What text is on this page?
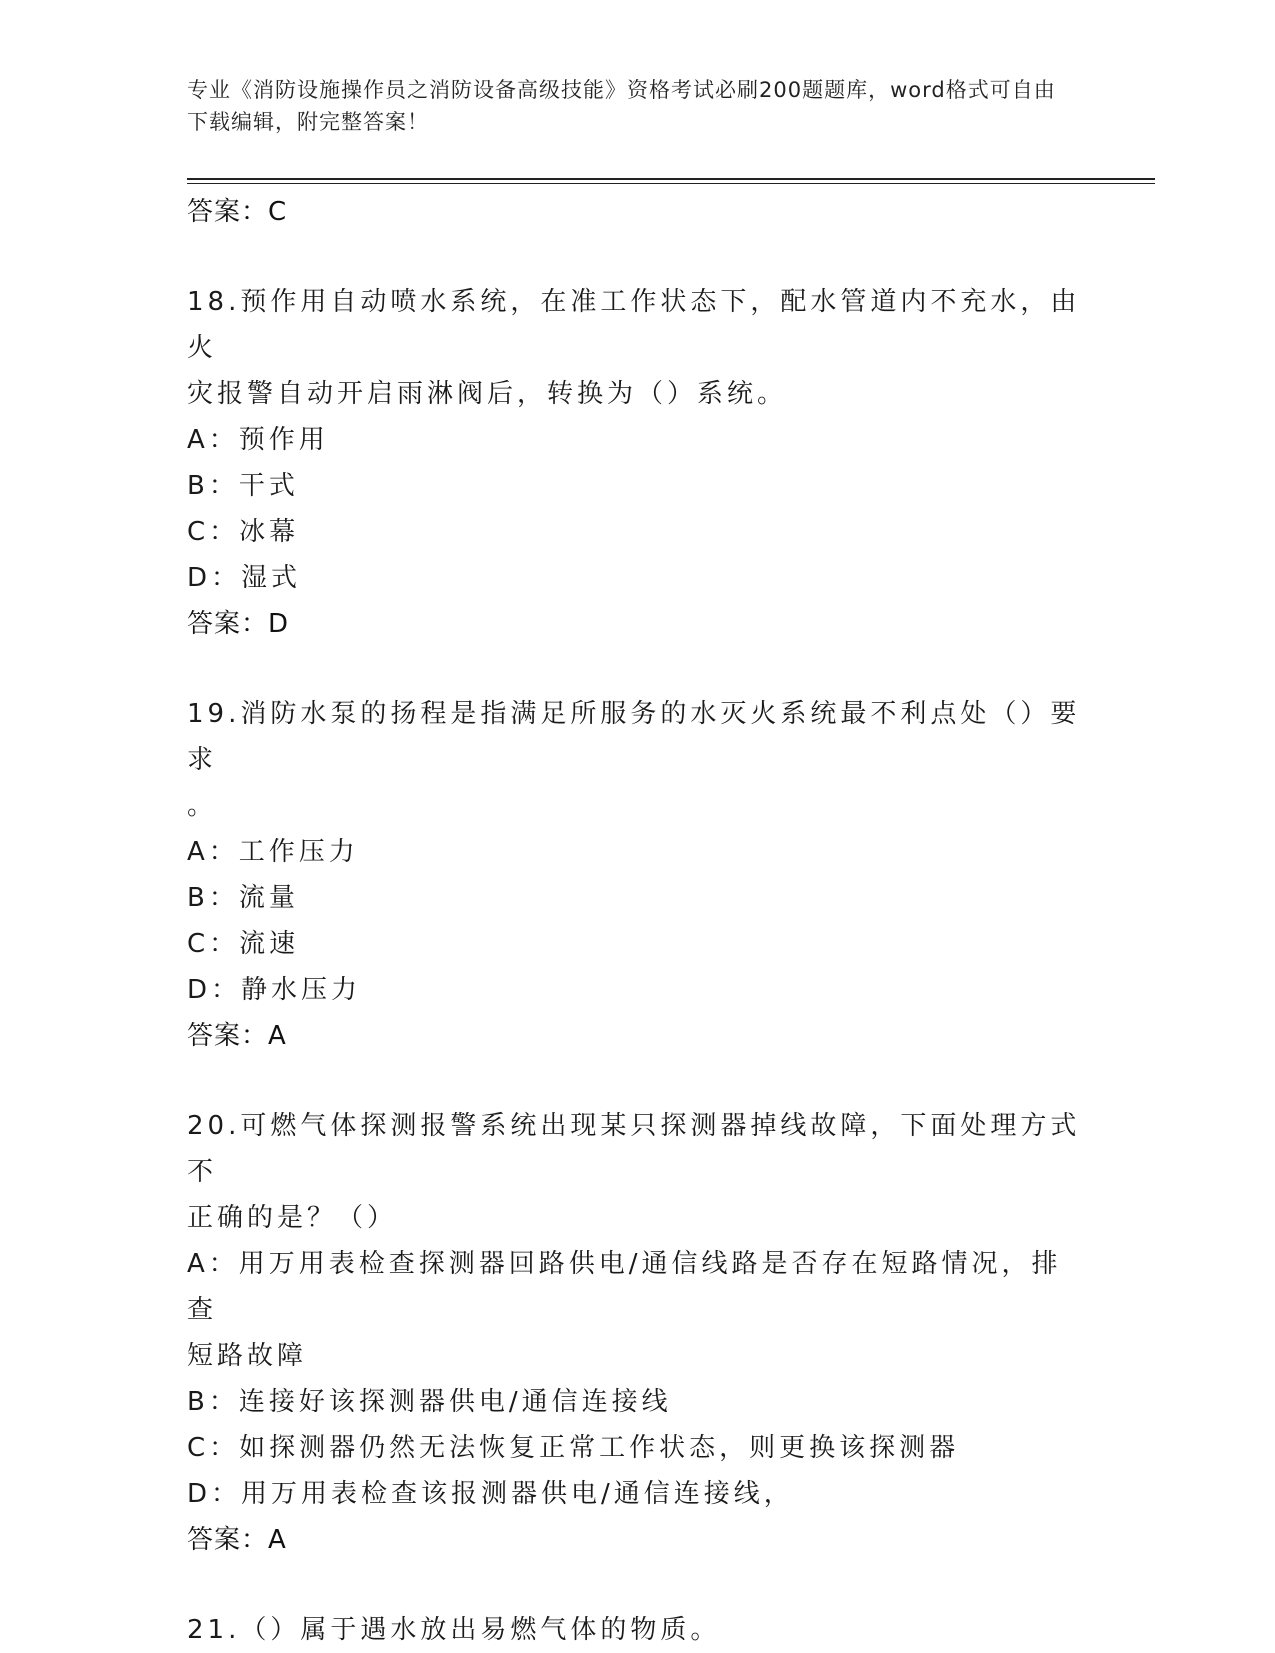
专业《消防设施操作员之消防设备高级技能》资格考试必刷200题题库，word格式可自由下载编辑，附完整答案！
答案：C
18.预作用自动喷水系统，在准工作状态下，配水管道内不充水，由火
灾报警自动开启雨淋阀后，转换为（）系统。
A：预作用
B：干式
C：冰幕
D：湿式
答案：D
19.消防水泵的扬程是指满足所服务的水灭火系统最不利点处（）要求
。
A：工作压力
B：流量
C：流速
D：静水压力
答案：A
20.可燃气体探测报警系统出现某只探测器掉线故障，下面处理方式不
正确的是？（）
A：用万用表检查探测器回路供电/通信线路是否存在短路情况，排查
短路故障
B：连接好该探测器供电/通信连接线
C：如探测器仍然无法恢复正常工作状态，则更换该探测器
D：用万用表检查该报测器供电/通信连接线，
答案：A
21.（）属于遇水放出易燃气体的物质。
